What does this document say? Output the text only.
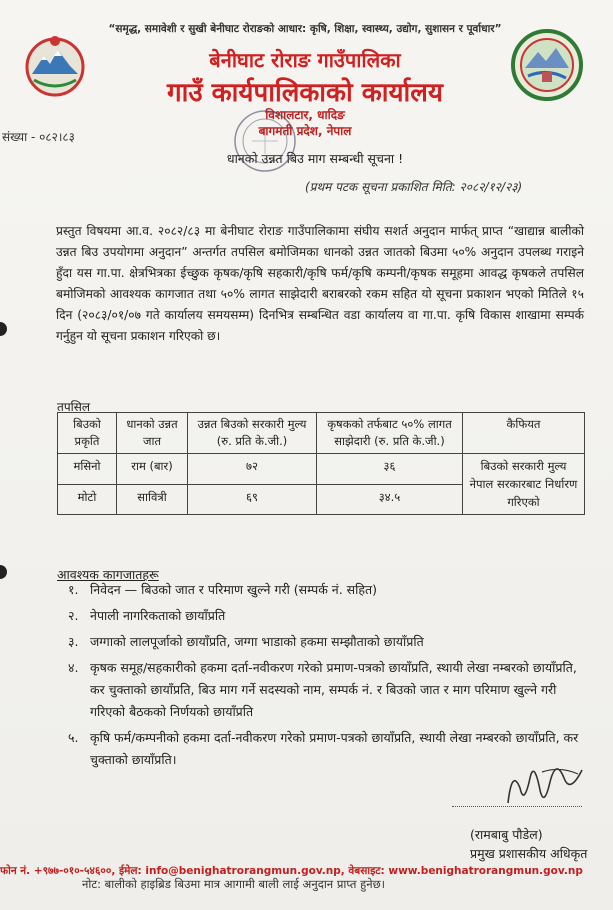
“समृद्ध, समावेशी र सुखी बेनीघाट रोराङको आधार: कृषि, शिक्षा, स्वास्थ्य, उद्योग, सुशासन र पूर्वाधार”
बेनीघाट रोराङ गाउँपालिका
गाउँ कार्यपालिकाको कार्यालय
विशालटार, धादिङ
बागमती प्रदेश, नेपाल
संख्या - ०८२।८३
धानको उन्नत बिउ माग सम्बन्धी सूचना !
(प्रथम पटक सूचना प्रकाशित मिति: २०८२/१२/२३)
प्रस्तुत विषयमा आ.व. २०८२/८३ मा बेनीघाट रोराङ गाउँपालिकामा संघीय सशर्त अनुदान मार्फत् प्राप्त “खाद्यान्न बालीको उन्नत बिउ उपयोगमा अनुदान” अन्तर्गत तपसिल बमोजिमका धानको उन्नत जातको बिउमा ५०% अनुदान उपलब्ध गराइने हुँदा यस गा.पा. क्षेत्रभित्रका ईच्छुक कृषक/कृषि सहकारी/कृषि फर्म/कृषि कम्पनी/कृषक समूहमा आवद्ध कृषकले तपसिल बमोजिमको आवश्यक कागजात तथा ५०% लागत साझेदारी बराबरको रकम सहित यो सूचना प्रकाशन भएको मितिले १५ दिन (२०८३/०१/०७ गते कार्यालय समयसम्म) दिनभित्र सम्बन्धित वडा कार्यालय वा गा.पा. कृषि विकास शाखामा सम्पर्क गर्नुहुन यो सूचना प्रकाशन गरिएको छ।
तपसिल
बिउको प्रकृति	धानको उन्नत जात	उन्नत बिउको सरकारी मुल्य (रु. प्रति के.जी.)	कृषकको तर्फबाट ५०% लागत साझेदारी (रु. प्रति के.जी.)	कैफियत
मसिनो	राम (बार)	७२	३६	बिउको सरकारी मुल्य नेपाल सरकारबाट निर्धारण गरिएको
मोटो	सावित्री	६९	३४.५	
आवश्यक कागजातहरू
१. निवेदन — बिउको जात र परिमाण खुल्ने गरी (सम्पर्क नं. सहित)
२. नेपाली नागरिकताको छायाँप्रति
३. जग्गाको लालपूर्जाको छायाँप्रति, जग्गा भाडाको हकमा सम्झौताको छायाँप्रति
४. कृषक समूह/सहकारीको हकमा दर्ता-नवीकरण गरेको प्रमाण-पत्रको छायाँप्रति, स्थायी लेखा नम्बरको छायाँप्रति, कर चुक्ताको छायाँप्रति, बिउ माग गर्ने सदस्यको नाम, सम्पर्क नं. र बिउको जात र माग परिमाण खुल्ने गरी गरिएको बैठकको निर्णयको छायाँप्रति
५. कृषि फर्म/कम्पनीको हकमा दर्ता-नवीकरण गरेको प्रमाण-पत्रको छायाँप्रति, स्थायी लेखा नम्बरको छायाँप्रति, कर चुक्ताको छायाँप्रति।
(रामबाबु पौडेल)
प्रमुख प्रशासकीय अधिकृत
फोन नं. +९७७-०१०-५४६००, ईमेल: info@benighatrorangmun.gov.np, वेबसाइट: www.benighatrorangmun.gov.np
नोट: बालीको हाइब्रिड बिउमा मात्र आगामी बाली लाई अनुदान प्राप्त हुनेछ।
